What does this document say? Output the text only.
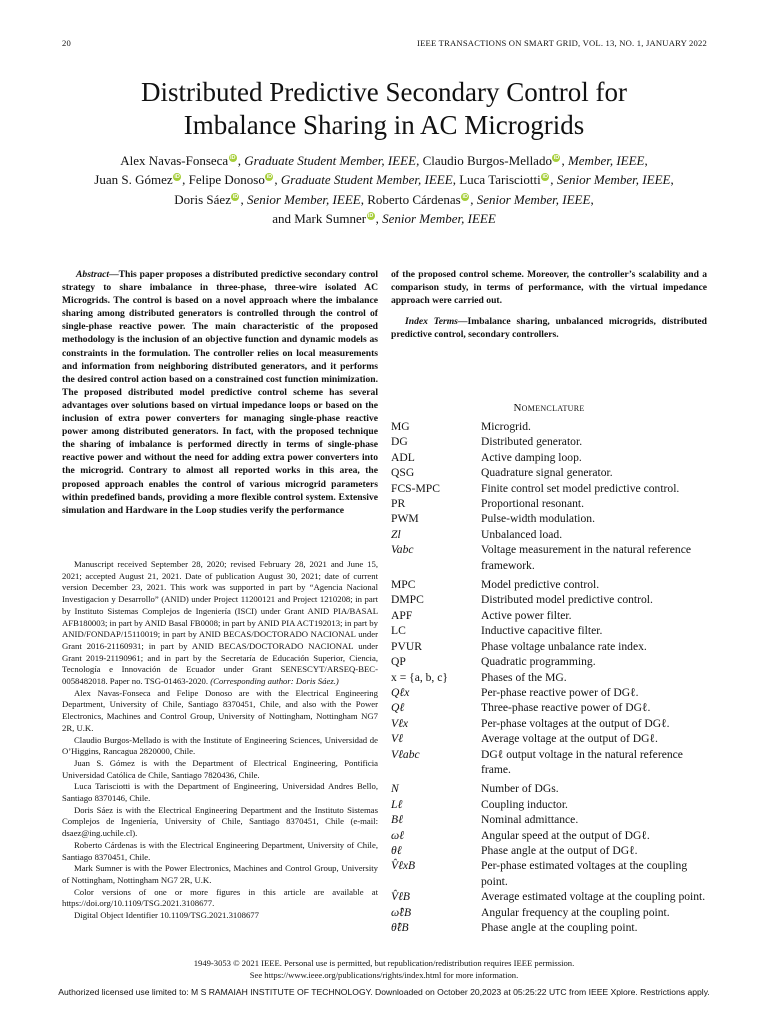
20	IEEE TRANSACTIONS ON SMART GRID, VOL. 13, NO. 1, JANUARY 2022
Distributed Predictive Secondary Control for
Imbalance Sharing in AC Microgrids
Alex Navas-Fonseca iD , Graduate Student Member, IEEE, Claudio Burgos-Mellado iD , Member, IEEE,
Juan S. Gómez iD , Felipe Donoso iD , Graduate Student Member, IEEE, Luca Tarisciotti iD , Senior Member, IEEE,
Doris Sáez iD , Senior Member, IEEE, Roberto Cárdenas iD , Senior Member, IEEE,
and Mark Sumner iD , Senior Member, IEEE

Abstract—This paper proposes a distributed predictive secondary control strategy to share imbalance in three-phase, three-wire isolated AC Microgrids. The control is based on a novel approach where the imbalance sharing among distributed generators is controlled through the control of single-phase reactive power. The main characteristic of the proposed methodology is the inclusion of an objective function and dynamic models as constraints in the formulation. The controller relies on local measurements and information from neighboring distributed generators, and it performs the desired control action based on a constrained cost function minimization. The proposed distributed model predictive control scheme has several advantages over solutions based on virtual impedance loops or based on the inclusion of extra power converters for managing single-phase reactive power among distributed generators. In fact, with the proposed technique the sharing of imbalance is performed directly in terms of single-phase reactive power and without the need for adding extra power converters into the microgrid. Contrary to almost all reported works in this area, the proposed approach enables the control of various microgrid parameters within predefined bands, providing a more flexible control system. Extensive simulation and Hardware in the Loop studies verify the performance

Manuscript received September 28, 2020; revised February 28, 2021 and June 15, 2021; accepted August 21, 2021. Date of publication August 30, 2021; date of current version December 23, 2021. This work was supported in part by “Agencia Nacional Investigacion y Desarrollo” (ANID) under Project 11200121 and Project 1210208; in part by Instituto Sistemas Complejos de Ingeniería (ISCI) under Grant ANID PIA/BASAL AFB180003; in part by ANID Basal FB0008; in part by ANID PIA ACT192013; in part by ANID/FONDAP/15110019; in part by ANID BECAS/DOCTORADO NACIONAL under Grant 2016-21160931; in part by ANID BECAS/DOCTORADO NACIONAL under Grant 2019-21190961; and in part by the Secretaría de Educación Superior, Ciencia, Tecnología e Innovación de Ecuador under Grant SENESCYT/ARSEQ-BEC-0058482018. Paper no. TSG-01463-2020. (Corresponding author: Doris Sáez.)

Alex Navas-Fonseca and Felipe Donoso are with the Electrical Engineering Department, University of Chile, Santiago 8370451, Chile, and also with the Power Electronics, Machines and Control Group, University of Nottingham, Nottingham NG7 2R, U.K.

Claudio Burgos-Mellado is with the Institute of Engineering Sciences, Universidad de O’Higgins, Rancagua 2820000, Chile.

Juan S. Gómez is with the Department of Electrical Engineering, Pontificia Universidad Católica de Chile, Santiago 7820436, Chile.

Luca Tarisciotti is with the Department of Engineering, Universidad Andres Bello, Santiago 8370146, Chile.

Doris Sáez is with the Electrical Engineering Department and the Instituto Sistemas Complejos de Ingeniería, University of Chile, Santiago 8370451, Chile (e-mail: dsaez@ing.uchile.cl).

Roberto Cárdenas is with the Electrical Engineering Department, University of Chile, Santiago 8370451, Chile.

Mark Sumner is with the Power Electronics, Machines and Control Group, University of Nottingham, Nottingham NG7 2R, U.K.

Color versions of one or more figures in this article are available at https://doi.org/10.1109/TSG.2021.3108677.

Digital Object Identifier 10.1109/TSG.2021.3108677

of the proposed control scheme. Moreover, the controller’s scalability and a comparison study, in terms of performance, with the virtual impedance approach were carried out.

Index Terms—Imbalance sharing, unbalanced microgrids, distributed predictive control, secondary controllers.

Nomenclature
MG	Microgrid.
DG	Distributed generator.
ADL	Active damping loop.
QSG	Quadrature signal generator.
FCS-MPC	Finite control set model predictive control.
PR	Proportional resonant.
PWM	Pulse-width modulation.
Zl	Unbalanced load.
Vabc	Voltage measurement in the natural reference framework.
MPC	Model predictive control.
DMPC	Distributed model predictive control.
APF	Active power filter.
LC	Inductive capacitive filter.
PVUR	Phase voltage unbalance rate index.
QP	Quadratic programming.
x = {a, b, c}	Phases of the MG.
Qℓx	Per-phase reactive power of DGℓ.
Qℓ	Three-phase reactive power of DGℓ.
Vℓx	Per-phase voltages at the output of DGℓ.
Vℓ	Average voltage at the output of DGℓ.
Vℓabc	DGℓ output voltage in the natural reference frame.
N	Number of DGs.
Lℓ	Coupling inductor.
Bℓ	Nominal admittance.
ωℓ	Angular speed at the output of DGℓ.
θℓ	Phase angle at the output of DGℓ.
V̂ℓxB	Per-phase estimated voltages at the coupling point.
V̂ℓB	Average estimated voltage at the coupling point.
ω̂ℓB	Angular frequency at the coupling point.
θ̂ℓB	Phase angle at the coupling point.
1949-3053 © 2021 IEEE. Personal use is permitted, but republication/redistribution requires IEEE permission.
See https://www.ieee.org/publications/rights/index.html for more information.
Authorized licensed use limited to: M S RAMAIAH INSTITUTE OF TECHNOLOGY. Downloaded on October 20,2023 at 05:25:22 UTC from IEEE Xplore. Restrictions apply.
